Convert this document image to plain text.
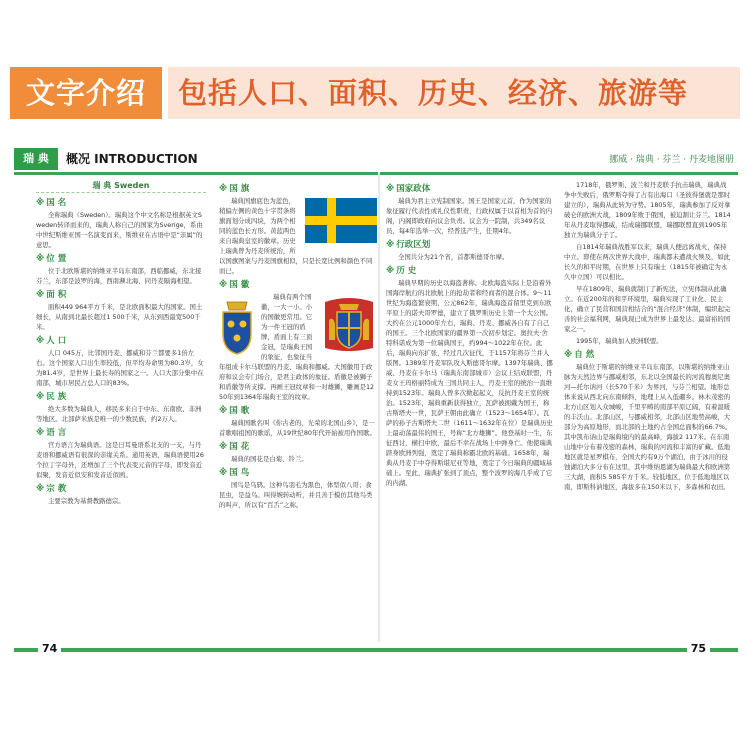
文字介绍	包括人口、面积、历史、经济、旅游等
瑞 典	概况 INTRODUCTION	挪威 · 瑞典 · 芬兰 · 丹麦地图册
瑞 典 Sweden
※ 国 名

全称瑞典（Sweden）。瑞典这个中文名称是根据英文Sweden转译而来的，瑞典人称自己的国家为Sverige，系由中世纪斯维亚国一名演变而来，斯维亚在古语中是“亲属”的意思。

※ 位 置

位于北欧斯堪的纳维亚半岛东南部，西临挪威，东北接芬兰，东部是波罗的海，西南濒北海，同丹麦隔海相望。

※ 面 积

面积449 964平方千米，是北欧面积最大的国家。国土细长，从南到北最长超过1 500千米，从东到西最宽500千米。

※ 人 口

人口 045万，比邻国丹麦、挪威和芬兰都要多1倍左右。这个国家人口出生率较低，但平均寿命男为80.3岁，女为81.4岁，是世界上最长寿的国家之一。人口大部分集中在南部，城市居民占总人口的83%。

※ 民 族

绝大多数为瑞典人，移民多来自于中东、东南欧、非洲等地区。北部萨米族是唯一的少数民族，约2万人。

※ 语 言

官方语言为瑞典语。这是日耳曼语系北支的一支，与丹麦语和挪威语有很深的亲缘关系。通用英语，瑞典语使用26个拉丁字母外，还增加了三个代表变元音的字母，即发音近似聚，发音近似安和发音近似鸥。

※ 宗 教

主要宗教为基督教路德宗。

※ 国 旗

瑞典国旗底色为蓝色，稍偏左侧的黄色十字贯条将旗面划分成四块，为两个相同的蓝色长方形。黄蓝两色来自瑞典皇室的徽章。历史上瑞典曾为丹麦所统治，所以国旗图案与丹麦国旗相似，只是长宽比例和颜色不同而已。

※ 国 徽

瑞典有两个国徽，一大一小。小的国徽更常用。它为一件王冠的盾牌，盾面上有三顶金冠，是瑞典王国的象征，也象征当年组成卡尔马联盟的丹麦、瑞典和挪威。大国徽用于政府和议会专门场合，是君主政体的象征。盾徽是被狮子和盾徽等所支撑。再画王冠纹章和一对雄狮，雕画是1250年到1364年瑞典王室的纹章。

※ 国 歌

瑞典国歌名叫《你古老的、光荣的北国山乡》，是一首歌唱祖国的歌谣，从19世纪80年代开始被用作国歌。

※ 国 花

瑞典的国花是白菊、铃兰。

※ 国 鸟

国鸟是乌鸫。这种鸟羽毛为黑色，体型似八哥；食昆虫，是益鸟。叫得婉转动听，并且善于模仿其他鸟类的叫声，所以有“百舌”之称。

※ 国家政体

瑞典为君主立宪制国家。国王是国家元首，作为国家的象征履行代表性或礼仪性职责，行政权属于以首相为首的内阁，内阁即政府向议会负责。议会为一院制，共349名议员，每4年选举一次，经普选产生，任期4年。

※ 行政区划

全国共分为21个省，首都斯德哥尔摩。

※ 历 史

瑞典早期的历史以海盗著称。北欧海盗实际上是沿着外国海岸航行的北欧航上的抢劫者和经商者的混合体。9～11世纪为海盗繁衰期，公元862年，瑞典海盗首留里克到东欧平原上的诺夫哥罗德，建立了俄罗斯历史上第一个大公国。大约在公元1000年左右，瑞典、丹麦、挪威各自有了自己的国王。三个北欧国家的疆界第一次初步划定。奥拉夫·舍特科诺成为第一位瑞典国王，约994～1022年在位。此后，瑞典向东扩张，经过几次征伐，于1157年将芬兰并入版图。1389年丹麦军队攻入斯德哥尔摩。1397年瑞典、挪威、丹麦在卡尔马（瑞典东南部城市）会议上结成联盟，丹麦女王玛格丽特成为三国共同主人，丹麦王室的统治一直维持到1523年。瑞典人曾多次掀起起义，反抗丹麦王室的统治。1523年，瑞典重新获得独立，瓦萨被拥戴为国王，称古斯塔夫一世，瓦萨王朝由此确立（1523～1654年）。瓦萨的孙子古斯塔夫二世（1611～1632年在位）是瑞典历史上最动荡最伟的国王，号称“北方雄狮”。他登基时一生，东征西讨，横扫中欧，最后不幸在战场上中弹身亡。他使瑞典跻身欧洲列强，奠定了瑞典称霸北欧的基础。1658年，瑞典从丹麦手中夺得斯堪尼亚等地，奠定了今日瑞典的疆域基础上。至此，瑞典扩张到了顶点，整个波罗的海几乎成了它的内湖。

1718年，俄罗斯、波兰和丹麦联手抗击瑞典，瑞典战争中失败后，俄罗斯夺得了占有出海口（圣彼得堡就是那时建立的），瑞典从此转为守势。1805年，瑞典参加了反对拿破仑的欧洲大战，1809年败于俄国，被迫割让芬兰。1814年从丹麦取得挪威，结成瑞挪联盟，瑞挪联盟直到1905年独立为瑞典分子了。

自1814年瑞典战胜军以来，瑞典人便远离战火，保持中立。即使在两次世界大战中，瑞典都未遭战火殃及，如此长久的和平时期，在世界上只有瑞士（1815年被确定为永久中立国）可以相比。

早在1809年，瑞典就制订了新宪法，立宪体制从此确立。在近200年的和平环境里，瑞典实现了工业化、民主化，确立了民营和国营相结合的“混合经济”体制，编织起完善的社会福利网，瑞典现已成为世界上最发达、最富裕的国家之一。

1995年，瑞典加入欧洲联盟。

※ 自 然

瑞典位于斯堪的纳维亚半岛东南部，以斯堪的纳维亚山脉为天然边界与挪威相邻，东北以全国最长的河流穆奥尼奥河—托尔讷河（长570千米）为界河，与芬兰相望。地形总体来说从西北向东南倾斜，地理上从入低硼乡。林木茂密的北方山区划入众城峻，千里平畴的南部平原辽阔，有着温暖的丰沃山。北部山区，与挪威相邻，北部山区地势高峻，大部分为高原地形，而北部的土地约占全国总面积的66.7%。其中凯布讷山是瑞典境内的最高峰，海拔2 117米。在东南山地中分布着茂密的森林，瑞典的河流和丰富的矿藏。低地地区就是星罗棋布，全国大约有9万个湖泊，由于冰川的侵蚀湖泊大多分布在这里，其中维纳恩湖为瑞典最大和欧洲第三大湖，面积5 585平方千米。较低地区，位于低地地区以南，即斯科讷地区，海拔多在150米以下，多森林和农田。

74	75
